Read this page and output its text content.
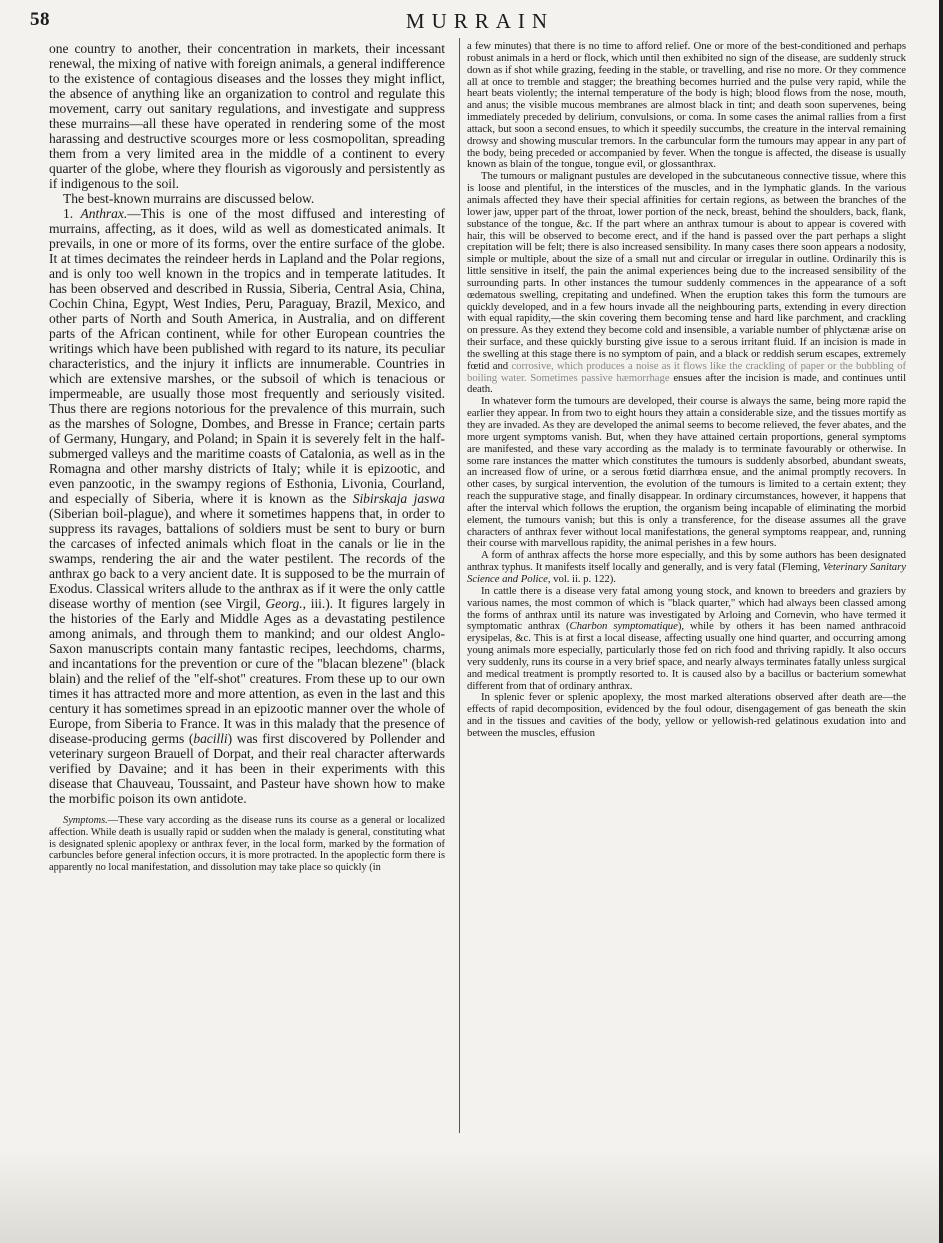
58	MURRAIN

one country to another, their concentration in markets, their incessant renewal, the mixing of native with foreign animals, a general indifference to the existence of contagious diseases and the losses they might inflict, the absence of anything like an organization to control and regulate this movement, carry out sanitary regulations, and investigate and suppress these murrains—all these have operated in rendering some of the most harassing and destructive scourges more or less cosmopolitan, spreading them from a very limited area in the middle of a continent to every quarter of the globe, where they flourish as vigorously and persistently as if indigenous to the soil.

The best-known murrains are discussed below.

1. Anthrax.—This is one of the most diffused and interesting of murrains, affecting, as it does, wild as well as domesticated animals. It prevails, in one or more of its forms, over the entire surface of the globe. It at times decimates the reindeer herds in Lapland and the Polar regions, and is only too well known in the tropics and in temperate latitudes. It has been observed and described in Russia, Siberia, Central Asia, China, Cochin China, Egypt, West Indies, Peru, Paraguay, Brazil, Mexico, and other parts of North and South America, in Australia, and on different parts of the African continent, while for other European countries the writings which have been published with regard to its nature, its peculiar characteristics, and the injury it inflicts are innumerable. Countries in which are extensive marshes, or the subsoil of which is tenacious or impermeable, are usually those most frequently and seriously visited. Thus there are regions notorious for the prevalence of this murrain, such as the marshes of Sologne, Dombes, and Bresse in France; certain parts of Germany, Hungary, and Poland; in Spain it is severely felt in the half-submerged valleys and the maritime coasts of Catalonia, as well as in the Romagna and other marshy districts of Italy; while it is epizootic, and even panzootic, in the swampy regions of Esthonia, Livonia, Courland, and especially of Siberia, where it is known as the Sibirskaja jaswa (Siberian boil-plague), and where it sometimes happens that, in order to suppress its ravages, battalions of soldiers must be sent to bury or burn the carcases of infected animals which float in the canals or lie in the swamps, rendering the air and the water pestilent. The records of the anthrax go back to a very ancient date. It is supposed to be the murrain of Exodus. Classical writers allude to the anthrax as if it were the only cattle disease worthy of mention (see Virgil, Georg., iii.). It figures largely in the histories of the Early and Middle Ages as a devastating pestilence among animals, and through them to mankind; and our oldest Anglo-Saxon manuscripts contain many fantastic recipes, leechdoms, charms, and incantations for the prevention or cure of the "blacan blezene" (black blain) and the relief of the "elf-shot" creatures. From these up to our own times it has attracted more and more attention, as even in the last and this century it has sometimes spread in an epizootic manner over the whole of Europe, from Siberia to France. It was in this malady that the presence of disease-producing germs (bacilli) was first discovered by Pollender and veterinary surgeon Brauell of Dorpat, and their real character afterwards verified by Davaine; and it has been in their experiments with this disease that Chauveau, Toussaint, and Pasteur have shown how to make the morbific poison its own antidote.

Symptoms.—These vary according as the disease runs its course as a general or localized affection. While death is usually rapid or sudden when the malady is general, constituting what is designated splenic apoplexy or anthrax fever, in the local form, marked by the formation of carbuncles before general infection occurs, it is more protracted. In the apoplectic form there is apparently no local manifestation, and dissolution may take place so quickly (in

a few minutes) that there is no time to afford relief. One or more of the best-conditioned and perhaps robust animals in a herd or flock, which until then exhibited no sign of the disease, are suddenly struck down as if shot while grazing, feeding in the stable, or travelling, and rise no more. Or they commence all at once to tremble and stagger; the breathing becomes hurried and the pulse very rapid, while the heart beats violently; the internal temperature of the body is high; blood flows from the nose, mouth, and anus; the visible mucous membranes are almost black in tint; and death soon supervenes, being immediately preceded by delirium, convulsions, or coma. In some cases the animal rallies from a first attack, but soon a second ensues, to which it speedily succumbs, the creature in the interval remaining drowsy and showing muscular tremors. In the carbuncular form the tumours may appear in any part of the body, being preceded or accompanied by fever. When the tongue is affected, the disease is usually known as blain of the tongue, tongue evil, or glossanthrax.

The tumours or malignant pustules are developed in the subcutaneous connective tissue, where this is loose and plentiful, in the interstices of the muscles, and in the lymphatic glands. In the various animals affected they have their special affinities for certain regions, as between the branches of the lower jaw, upper part of the throat, lower portion of the neck, breast, behind the shoulders, back, flank, substance of the tongue, &c. If the part where an anthrax tumour is about to appear is covered with hair, this will be observed to become erect, and if the hand is passed over the part perhaps a slight crepitation will be felt; there is also increased sensibility. In many cases there soon appears a nodosity, simple or multiple, about the size of a small nut and circular or irregular in outline. Ordinarily this is little sensitive in itself, the pain the animal experiences being due to the increased sensibility of the surrounding parts. In other instances the tumour suddenly commences in the appearance of a soft œdematous swelling, crepitating and undefined. When the eruption takes this form the tumours are quickly developed, and in a few hours invade all the neighbouring parts, extending in every direction with equal rapidity,—the skin covering them becoming tense and hard like parchment, and crackling on pressure. As they extend they become cold and insensible, a variable number of phlyctænæ arise on their surface, and these quickly bursting give issue to a serous irritant fluid. If an incision is made in the swelling at this stage there is no symptom of pain, and a black or reddish serum escapes, extremely fœtid and corrosive, which produces a noise as it flows like the crackling of paper or the bubbling of boiling water. Sometimes passive hæmorrhage ensues after the incision is made, and continues until death.

In whatever form the tumours are developed, their course is always the same, being more rapid the earlier they appear. In from two to eight hours they attain a considerable size, and the tissues mortify as they are invaded. As they are developed the animal seems to become relieved, the fever abates, and the more urgent symptoms vanish. But, when they have attained certain proportions, general symptoms are manifested, and these vary according as the malady is to terminate favourably or otherwise. In some rare instances the matter which constitutes the tumours is suddenly absorbed, abundant sweats, an increased flow of urine, or a serous fœtid diarrhœa ensue, and the animal promptly recovers. In other cases, by surgical intervention, the evolution of the tumours is limited to a certain extent; they reach the suppurative stage, and finally disappear. In ordinary circumstances, however, it happens that after the interval which follows the eruption, the organism being incapable of eliminating the morbid element, the tumours vanish; but this is only a transference, for the disease assumes all the grave characters of anthrax fever without local manifestations, the general symptoms reappear, and, running their course with marvellous rapidity, the animal perishes in a few hours.

A form of anthrax affects the horse more especially, and this by some authors has been designated anthrax typhus. It manifests itself locally and generally, and is very fatal (Fleming, Veterinary Sanitary Science and Police, vol. ii. p. 122).

In cattle there is a disease very fatal among young stock, and known to breeders and graziers by various names, the most common of which is "black quarter," which had always been classed among the forms of anthrax until its nature was investigated by Arloing and Cornevin, who have termed it symptomatic anthrax (Charbon symptomatique), while by others it has been named anthracoid erysipelas, &c. This is at first a local disease, affecting usually one hind quarter, and occurring among young animals more especially, particularly those fed on rich food and thriving rapidly. It also occurs very suddenly, runs its course in a very brief space, and nearly always terminates fatally unless surgical and medical treatment is promptly resorted to. It is caused also by a bacillus or bacterium somewhat different from that of ordinary anthrax.

In splenic fever or splenic apoplexy, the most marked alterations observed after death are—the effects of rapid decomposition, evidenced by the foul odour, disengagement of gas beneath the skin and in the tissues and cavities of the body, yellow or yellowish-red gelatinous exudation into and between the muscles, effusion
